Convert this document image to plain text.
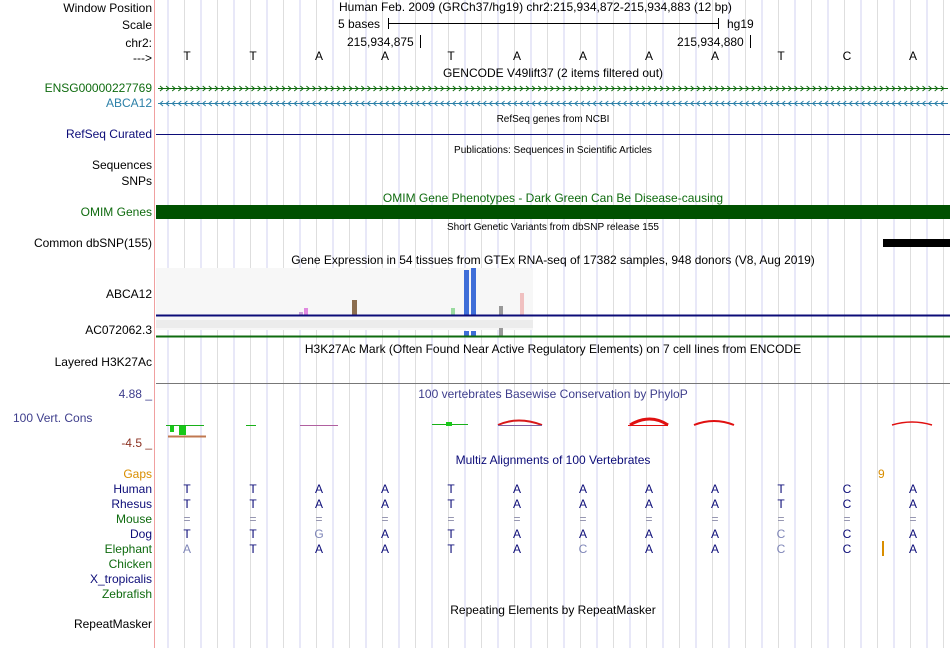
Window Position
Scale
chr2:
--->
Human Feb. 2009 (GRCh37/hg19) chr2:215,934,872-215,934,883 (12 bp)
5 bases	hg19
215,934,875	215,934,880
T	T	A	A	T	A	A	A	A	T	C	A
GENCODE V49lift37 (2 items filtered out)
ENSG00000227769
ABCA12
RefSeq genes from NCBI
RefSeq Curated
Publications: Sequences in Scientific Articles
Sequences
SNPs
OMIM Gene Phenotypes - Dark Green Can Be Disease-causing
OMIM Genes
Short Genetic Variants from dbSNP release 155
Common dbSNP(155)
Gene Expression in 54 tissues from GTEx RNA-seq of 17382 samples, 948 donors (V8, Aug 2019)
ABCA12
AC072062.3
H3K27Ac Mark (Often Found Near Active Regulatory Elements) on 7 cell lines from ENCODE
Layered H3K27Ac
4.88 _	100 vertebrates Basewise Conservation by PhyloP
100 Vert. Cons
-4.5 _
Multiz Alignments of 100 Vertebrates
Gaps	9
Human	T	T	A	A	T	A	A	A	A	T	C	A
Rhesus	T	T	A	A	T	A	A	A	A	T	C	A
Mouse	=	=	=	=	=	=	=	=	=	=	=	=
Dog	T	T	G	A	T	A	A	A	A	C	C	A
Elephant	A	T	A	A	T	A	C	A	A	C	C	A
Chicken
X_tropicalis
Zebrafish
Repeating Elements by RepeatMasker
RepeatMasker
